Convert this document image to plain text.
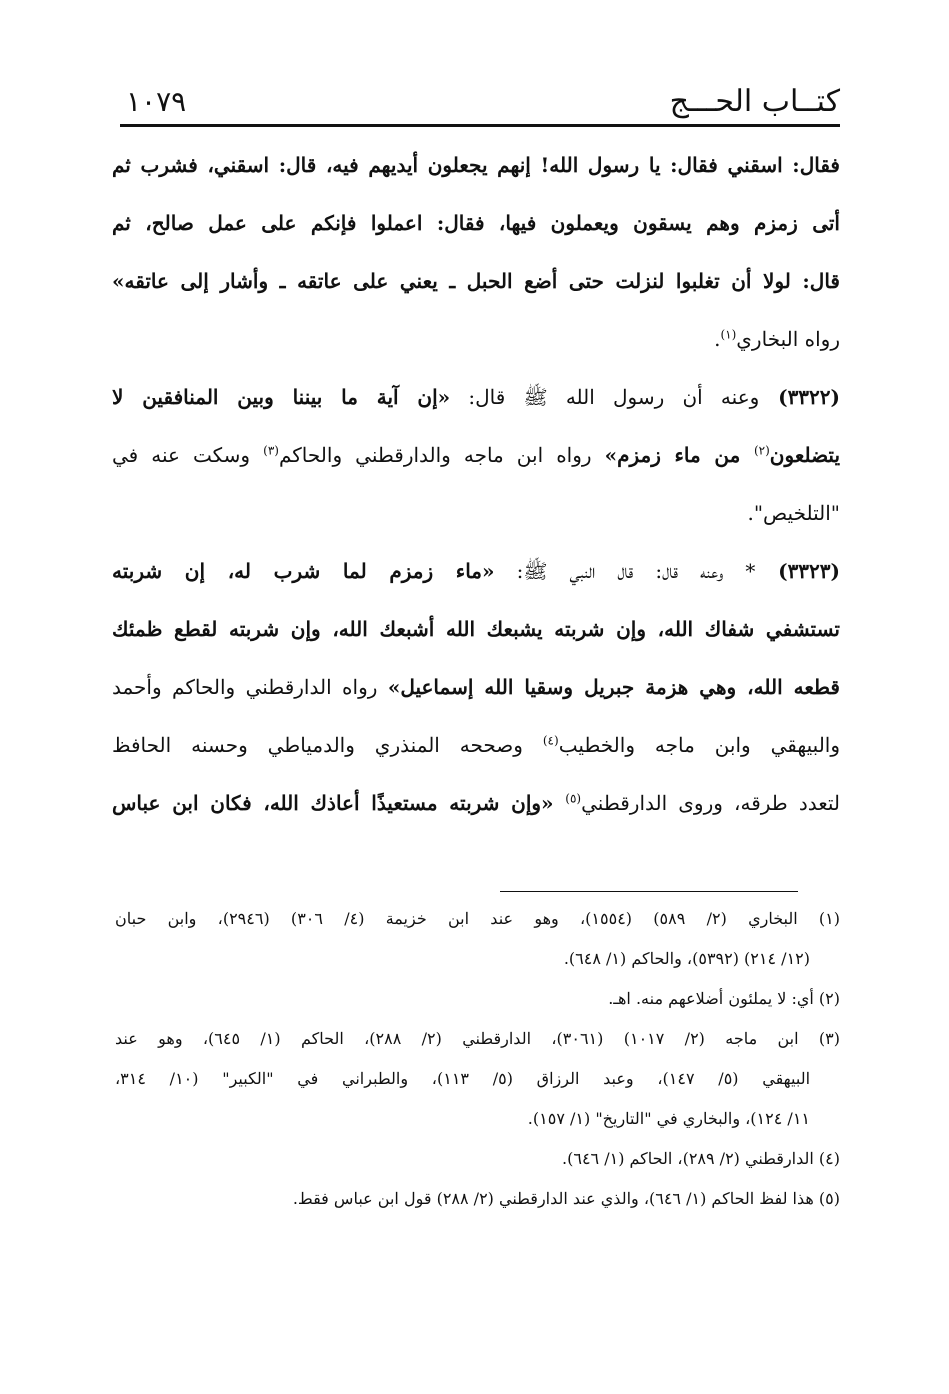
كتــاب الحـــج
١٠٧٩
فقال: اسقني فقال: يا رسول الله! إنهم يجعلون أيديهم فيه، قال: اسقني، فشرب ثم
أتى زمزم وهم يسقون ويعملون فيها، فقال: اعملوا فإنكم على عمل صالح، ثم
قال: لولا أن تغلبوا لنزلت حتى أضع الحبل ـ يعني على عاتقه ـ وأشار إلى عاتقه»
رواه البخاري$^{(١)}$.
(٣٣٢٢) وعنه أن رسول الله ﷺ قال: «إن آية ما بيننا وبين المنافقين لا
يتضلعون$^{(٢)}$ من ماء زمزم» رواه ابن ماجه والدارقطني والحاكم$^{(٣)}$ وسكت عنه في
"التلخيص".
(٣٣٢٣) * وعنه قال: قال النبي ﷺ: «ماء زمزم لما شرب له، إن شربته
تستشفي شفاك الله، وإن شربته يشبعك الله أشبعك الله، وإن شربته لقطع ظمئك
قطعه الله، وهي هزمة جبريل وسقيا الله إسماعيل» رواه الدارقطني والحاكم وأحمد
والبيهقي وابن ماجه والخطيب$^{(٤)}$ وصححه المنذري والدمياطي وحسنه الحافظ
لتعدد طرقه، وروى الدارقطني$^{(٥)}$ «وإن شربته مستعيذًا أعاذك الله، فكان ابن عباس
(١) البخاري (٢/ ٥٨٩) (١٥٥٤)، وهو عند ابن خزيمة (٤/ ٣٠٦) (٢٩٤٦)، وابن حبان
(١٢/ ٢١٤) (٥٣٩٢)، والحاكم (١/ ٦٤٨).
(٢) أي: لا يملئون أضلاعهم منه. اهـ.
(٣) ابن ماجه (٢/ ١٠١٧) (٣٠٦١)، الدارقطني (٢/ ٢٨٨)، الحاكم (١/ ٦٤٥)، وهو عند
البيهقي (٥/ ١٤٧)، وعبد الرزاق (٥/ ١١٣)، والطبراني في "الكبير" (١٠/ ٣١٤،
١١/ ١٢٤)، والبخاري في "التاريخ" (١/ ١٥٧).
(٤) الدارقطني (٢/ ٢٨٩)، الحاكم (١/ ٦٤٦).
(٥) هذا لفظ الحاكم (١/ ٦٤٦)، والذي عند الدارقطني (٢/ ٢٨٨) قول ابن عباس فقط.
